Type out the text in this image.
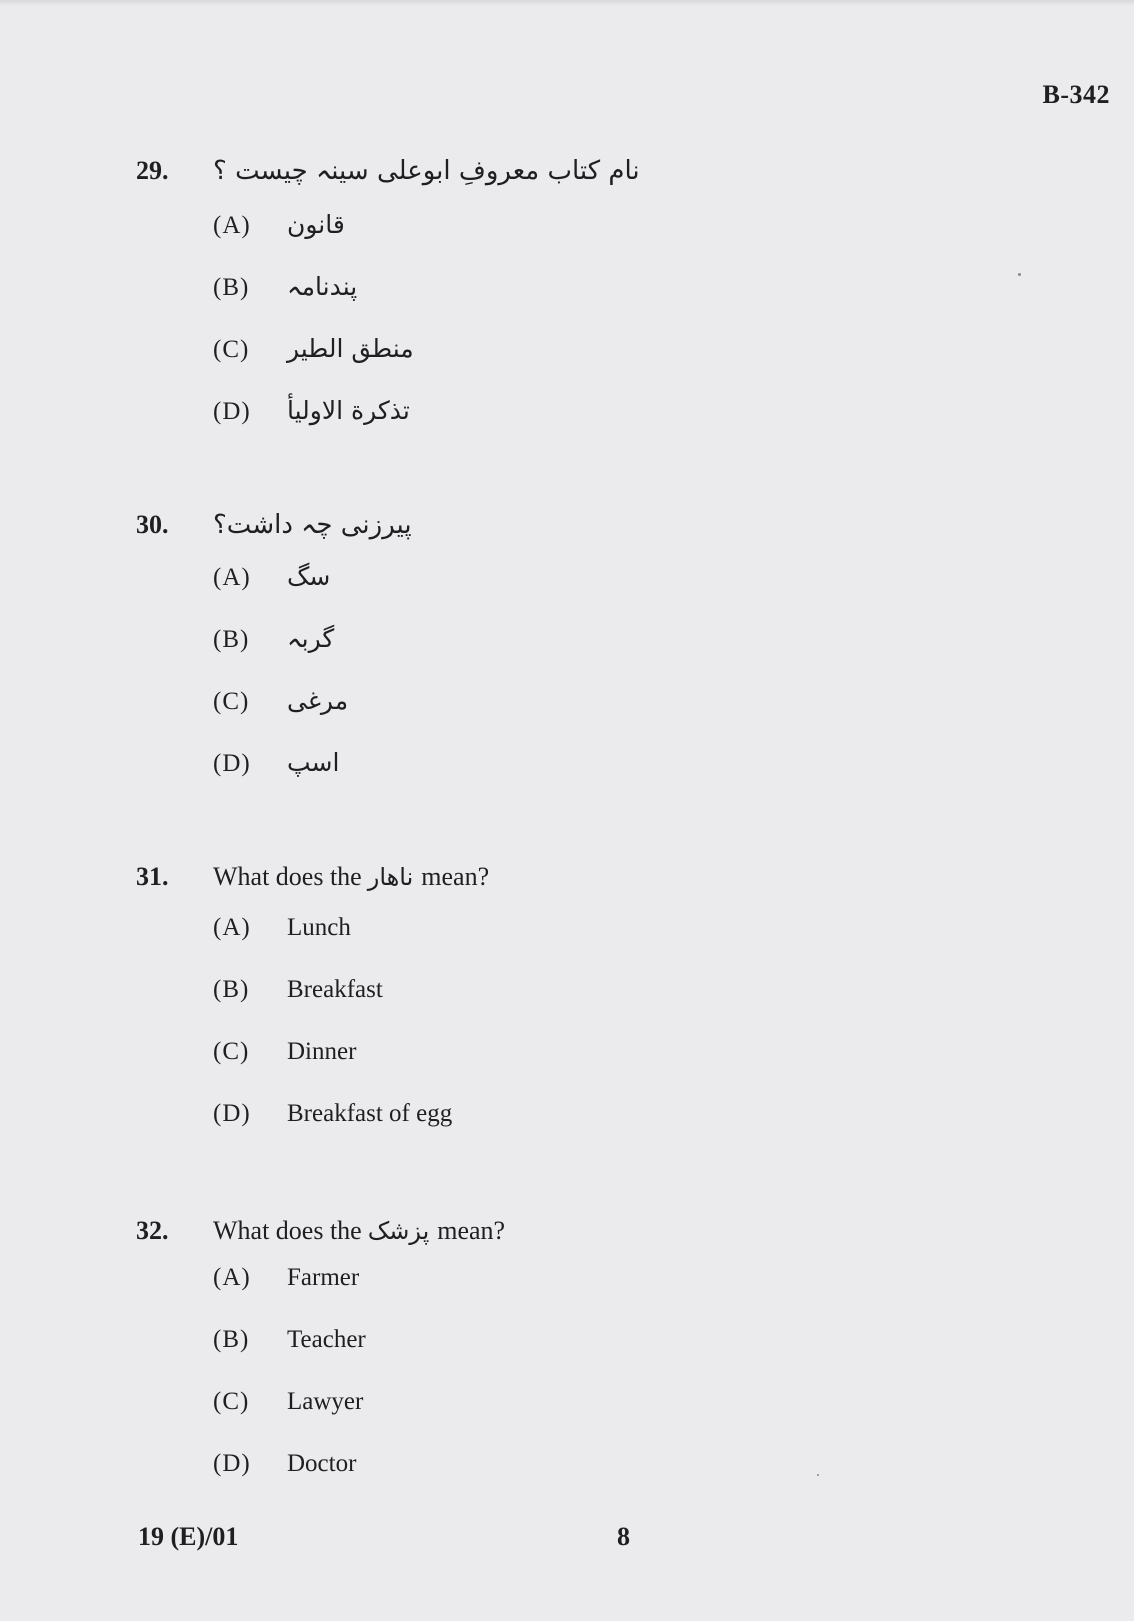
B-342
29.	نام کتاب معروفِ ابوعلی سینہ چیست ؟
(A)	قانون
(B)	پندنامہ
(C)	منطق الطیر
(D)	تذکرة الاولیأ
30.	پیرزنی چہ داشت؟
(A)	سگ
(B)	گربہ
(C)	مرغی
(D)	اسپ
31.	What does the ناھار mean?
(A)	Lunch
(B)	Breakfast
(C)	Dinner
(D)	Breakfast of egg
32.	What does the پزشک mean?
(A)	Farmer
(B)	Teacher
(C)	Lawyer
(D)	Doctor
19 (E)/01	8
